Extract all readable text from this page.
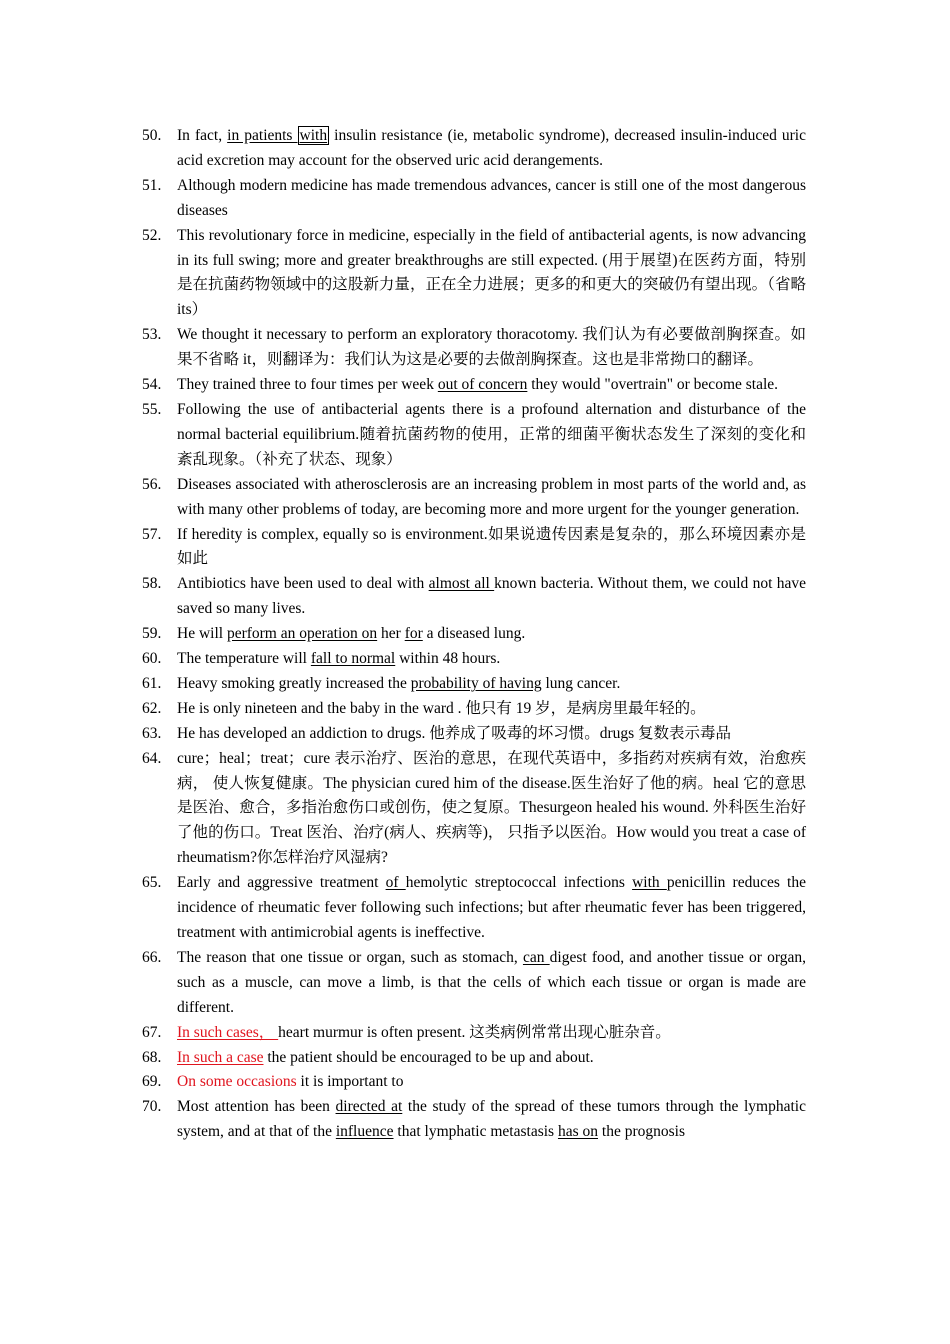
50. In fact, in patients with insulin resistance (ie, metabolic syndrome), decreased insulin-induced uric acid excretion may account for the observed uric acid derangements.
51. Although modern medicine has made tremendous advances, cancer is still one of the most dangerous diseases
52. This revolutionary force in medicine, especially in the field of antibacterial agents, is now advancing in its full swing; more and greater breakthroughs are still expected. (用于展望)在医药方面，特别是在抗菌药物领域中的这股新力量，正在全力进展；更多的和更大的突破仍有望出现。（省略 its）
53. We thought it necessary to perform an exploratory thoracotomy. 我们认为有必要做剖胸探查。如果不省略 it，则翻译为：我们认为这是必要的去做剖胸探查。这也是非常拗口的翻译。
54. They trained three to four times per week out of concern they would "overtrain" or become stale.
55. Following the use of antibacterial agents there is a profound alternation and disturbance of the normal bacterial equilibrium.随着抗菌药物的使用，正常的细菌平衡状态发生了深刻的变化和紊乱现象。（补充了状态、现象）
56. Diseases associated with atherosclerosis are an increasing problem in most parts of the world and, as with many other problems of today, are becoming more and more urgent for the younger generation.
57. If heredity is complex, equally so is environment.如果说遗传因素是复杂的，那么环境因素亦是如此
58. Antibiotics have been used to deal with almost all known bacteria. Without them, we could not have saved so many lives.
59. He will perform an operation on her for a diseased lung.
60. The temperature will fall to normal within 48 hours.
61. Heavy smoking greatly increased the probability of having lung cancer.
62. He is only nineteen and the baby in the ward . 他只有 19 岁，是病房里最年轻的。
63. He has developed an addiction to drugs. 他养成了吸毒的坏习惯。drugs 复数表示毒品
64. cure；heal；treat；cure 表示治疗、医治的意思，在现代英语中，多指药对疾病有效，治愈疾病， 使人恢复健康。The physician cured him of the disease.医生治好了他的病。heal 它的意思是医治、愈合，多指治愈伤口或创伤，使之复原。Thesurgeon healed his wound. 外科医生治好了他的伤口。Treat 医治、治疗(病人、疾病等)， 只指予以医治。How would you treat a case of rheumatism?你怎样治疗风湿病?
65. Early and aggressive treatment of hemolytic streptococcal infections with penicillin reduces the incidence of rheumatic fever following such infections; but after rheumatic fever has been triggered, treatment with antimicrobial agents is ineffective.
66. The reason that one tissue or organ, such as stomach, can digest food, and another tissue or organ, such as a muscle, can move a limb, is that the cells of which each tissue or organ is made are different.
67. In such cases， heart murmur is often present. 这类病例常常出现心脏杂音。
68. In such a case the patient should be encouraged to be up and about.
69. On some occasions it is important to
70. Most attention has been directed at the study of the spread of these tumors through the lymphatic system, and at that of the influence that lymphatic metastasis has on the prognosis
